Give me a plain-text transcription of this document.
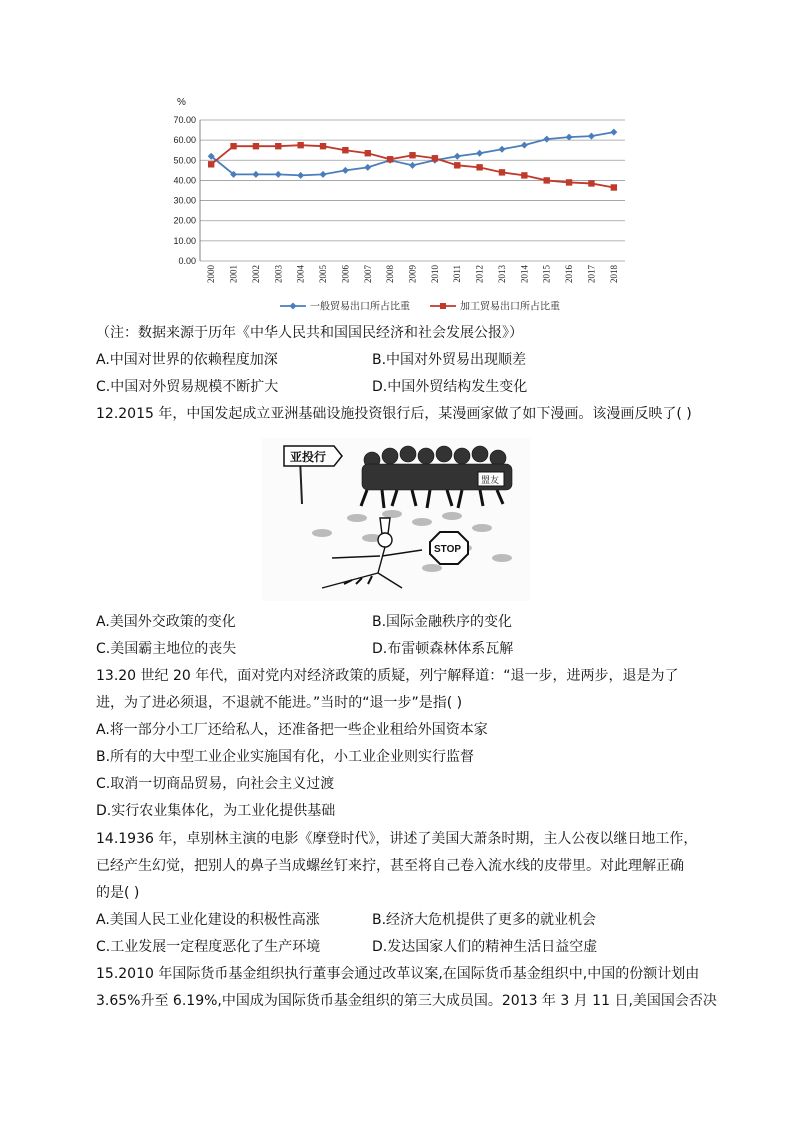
%
0.00
10.00
20.00
30.00
40.00
50.00
60.00
70.00
2000 2001 2002 2003 2004 2005 2006 2007 2008 2009 2010 2011 2012 2013 2014 2015 2016 2017 2018
一般贸易出口所占比重	加工贸易出口所占比重
（注：数据来源于历年《中华人民共和国国民经济和社会发展公报》）
A.中国对世界的依赖程度加深	B.中国对外贸易出现顺差
C.中国对外贸易规模不断扩大	D.中国外贸结构发生变化
12.2015 年，中国发起成立亚洲基础设施投资银行后，某漫画家做了如下漫画。该漫画反映了( )
亚投行
盟友
STOP
A.美国外交政策的变化	B.国际金融秩序的变化
C.美国霸主地位的丧失	D.布雷顿森林体系瓦解
13.20 世纪 20 年代，面对党内对经济政策的质疑，列宁解释道：“退一步，进两步，退是为了
进，为了进必须退，不退就不能进。”当时的“退一步”是指( )
A.将一部分小工厂还给私人，还准备把一些企业租给外国资本家
B.所有的大中型工业企业实施国有化，小工业企业则实行监督
C.取消一切商品贸易，向社会主义过渡
D.实行农业集体化，为工业化提供基础
14.1936 年，卓别林主演的电影《摩登时代》，讲述了美国大萧条时期，主人公夜以继日地工作，
已经产生幻觉，把别人的鼻子当成螺丝钉来拧，甚至将自己卷入流水线的皮带里。对此理解正确
的是( )
A.美国人民工业化建设的积极性高涨	B.经济大危机提供了更多的就业机会
C.工业发展一定程度恶化了生产环境	D.发达国家人们的精神生活日益空虚
15.2010 年国际货币基金组织执行董事会通过改革议案,在国际货币基金组织中,中国的份额计划由
3.65%升至 6.19%,中国成为国际货币基金组织的第三大成员国。2013 年 3 月 11 日,美国国会否决
